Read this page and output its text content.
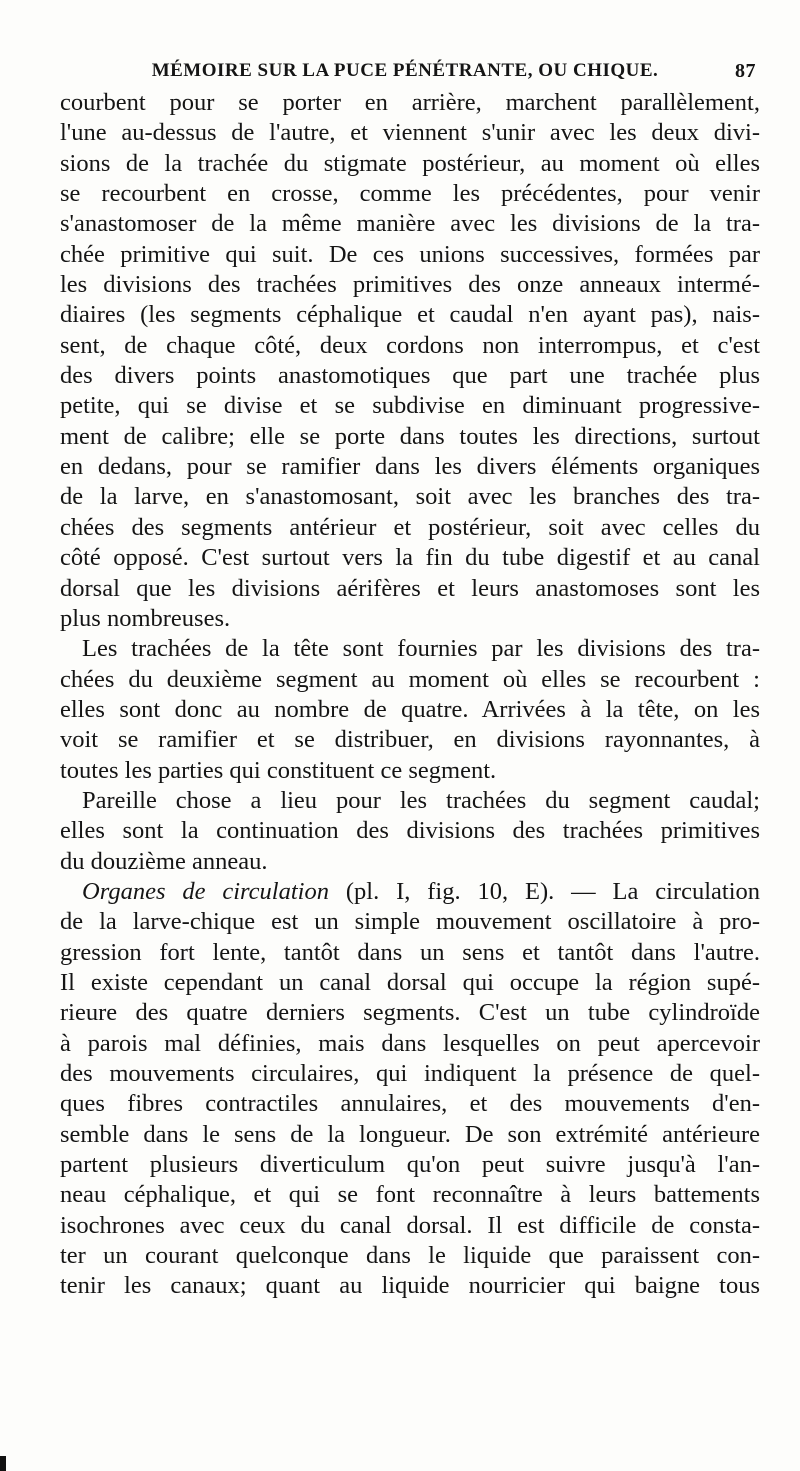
MÉMOIRE SUR LA PUCE PÉNÉTRANTE, OU CHIQUE.	87
courbent pour se porter en arrière, marchent parallèlement,
l'une au-dessus de l'autre, et viennent s'unir avec les deux divi-
sions de la trachée du stigmate postérieur, au moment où elles
se recourbent en crosse, comme les précédentes, pour venir
s'anastomoser de la même manière avec les divisions de la tra-
chée primitive qui suit. De ces unions successives, formées par
les divisions des trachées primitives des onze anneaux intermé-
diaires (les segments céphalique et caudal n'en ayant pas), nais-
sent, de chaque côté, deux cordons non interrompus, et c'est
des divers points anastomotiques que part une trachée plus
petite, qui se divise et se subdivise en diminuant progressive-
ment de calibre; elle se porte dans toutes les directions, surtout
en dedans, pour se ramifier dans les divers éléments organiques
de la larve, en s'anastomosant, soit avec les branches des tra-
chées des segments antérieur et postérieur, soit avec celles du
côté opposé. C'est surtout vers la fin du tube digestif et au canal
dorsal que les divisions aérifères et leurs anastomoses sont les
plus nombreuses.
Les trachées de la tête sont fournies par les divisions des tra-
chées du deuxième segment au moment où elles se recourbent :
elles sont donc au nombre de quatre. Arrivées à la tête, on les
voit se ramifier et se distribuer, en divisions rayonnantes, à
toutes les parties qui constituent ce segment.
Pareille chose a lieu pour les trachées du segment caudal;
elles sont la continuation des divisions des trachées primitives
du douzième anneau.
Organes de circulation (pl. I, fig. 10, E). — La circulation
de la larve-chique est un simple mouvement oscillatoire à pro-
gression fort lente, tantôt dans un sens et tantôt dans l'autre.
Il existe cependant un canal dorsal qui occupe la région supé-
rieure des quatre derniers segments. C'est un tube cylindroïde
à parois mal définies, mais dans lesquelles on peut apercevoir
des mouvements circulaires, qui indiquent la présence de quel-
ques fibres contractiles annulaires, et des mouvements d'en-
semble dans le sens de la longueur. De son extrémité antérieure
partent plusieurs diverticulum qu'on peut suivre jusqu'à l'an-
neau céphalique, et qui se font reconnaître à leurs battements
isochrones avec ceux du canal dorsal. Il est difficile de consta-
ter un courant quelconque dans le liquide que paraissent con-
tenir les canaux; quant au liquide nourricier qui baigne tous
